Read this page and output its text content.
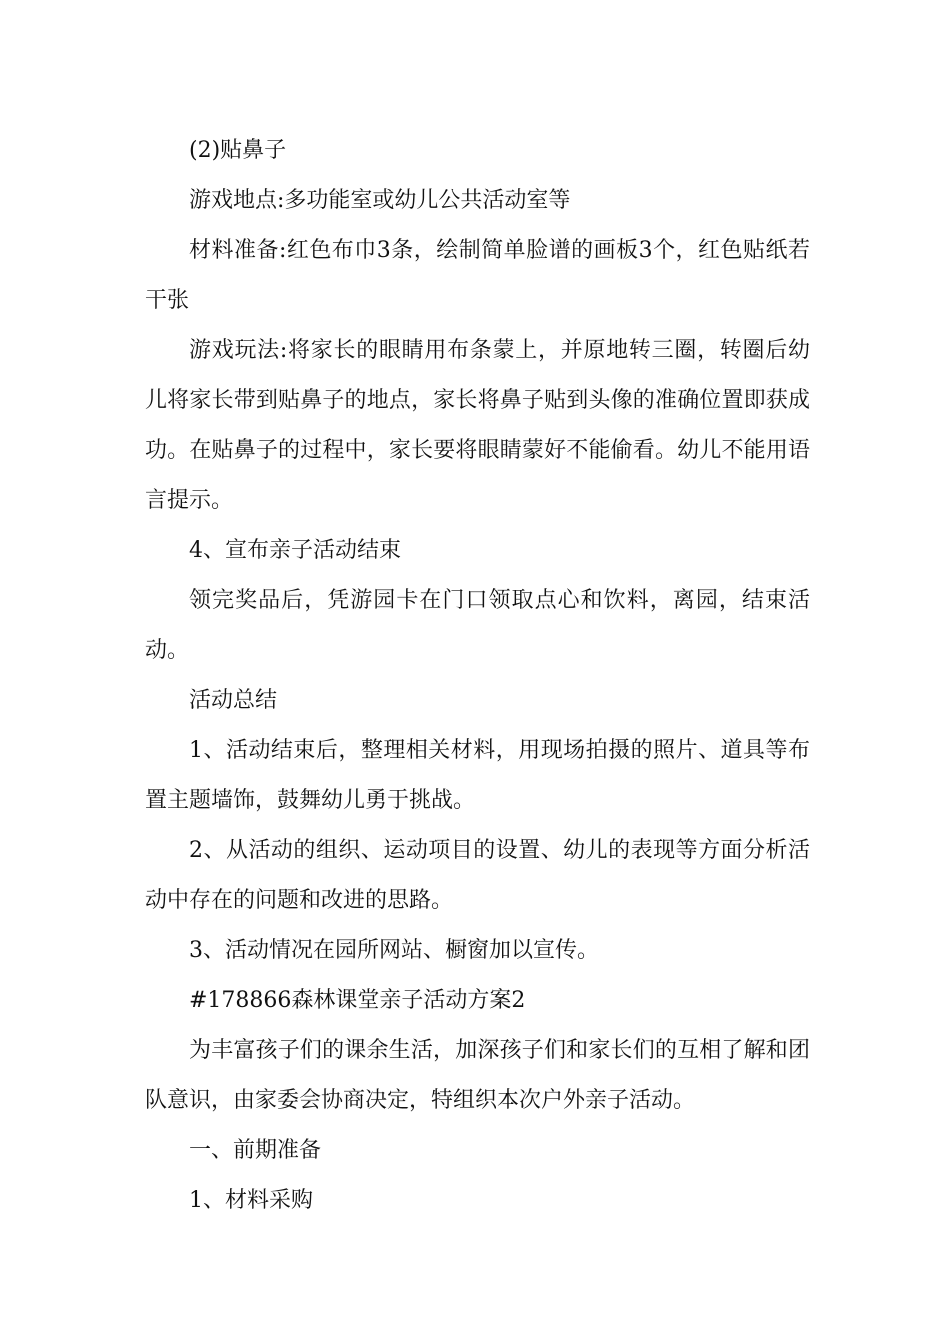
(2)贴鼻子

游戏地点:多功能室或幼儿公共活动室等

材料准备:红色布巾3条，绘制简单脸谱的画板3个，红色贴纸若干张

游戏玩法:将家长的眼睛用布条蒙上，并原地转三圈，转圈后幼儿将家长带到贴鼻子的地点，家长将鼻子贴到头像的准确位置即获成功。在贴鼻子的过程中，家长要将眼睛蒙好不能偷看。幼儿不能用语言提示。

4、宣布亲子活动结束

领完奖品后，凭游园卡在门口领取点心和饮料，离园，结束活动。

活动总结

1、活动结束后，整理相关材料，用现场拍摄的照片、道具等布置主题墙饰，鼓舞幼儿勇于挑战。

2、从活动的组织、运动项目的设置、幼儿的表现等方面分析活动中存在的问题和改进的思路。

3、活动情况在园所网站、橱窗加以宣传。

#178866森林课堂亲子活动方案2

为丰富孩子们的课余生活，加深孩子们和家长们的互相了解和团队意识，由家委会协商决定，特组织本次户外亲子活动。

一、前期准备

1、材料采购
